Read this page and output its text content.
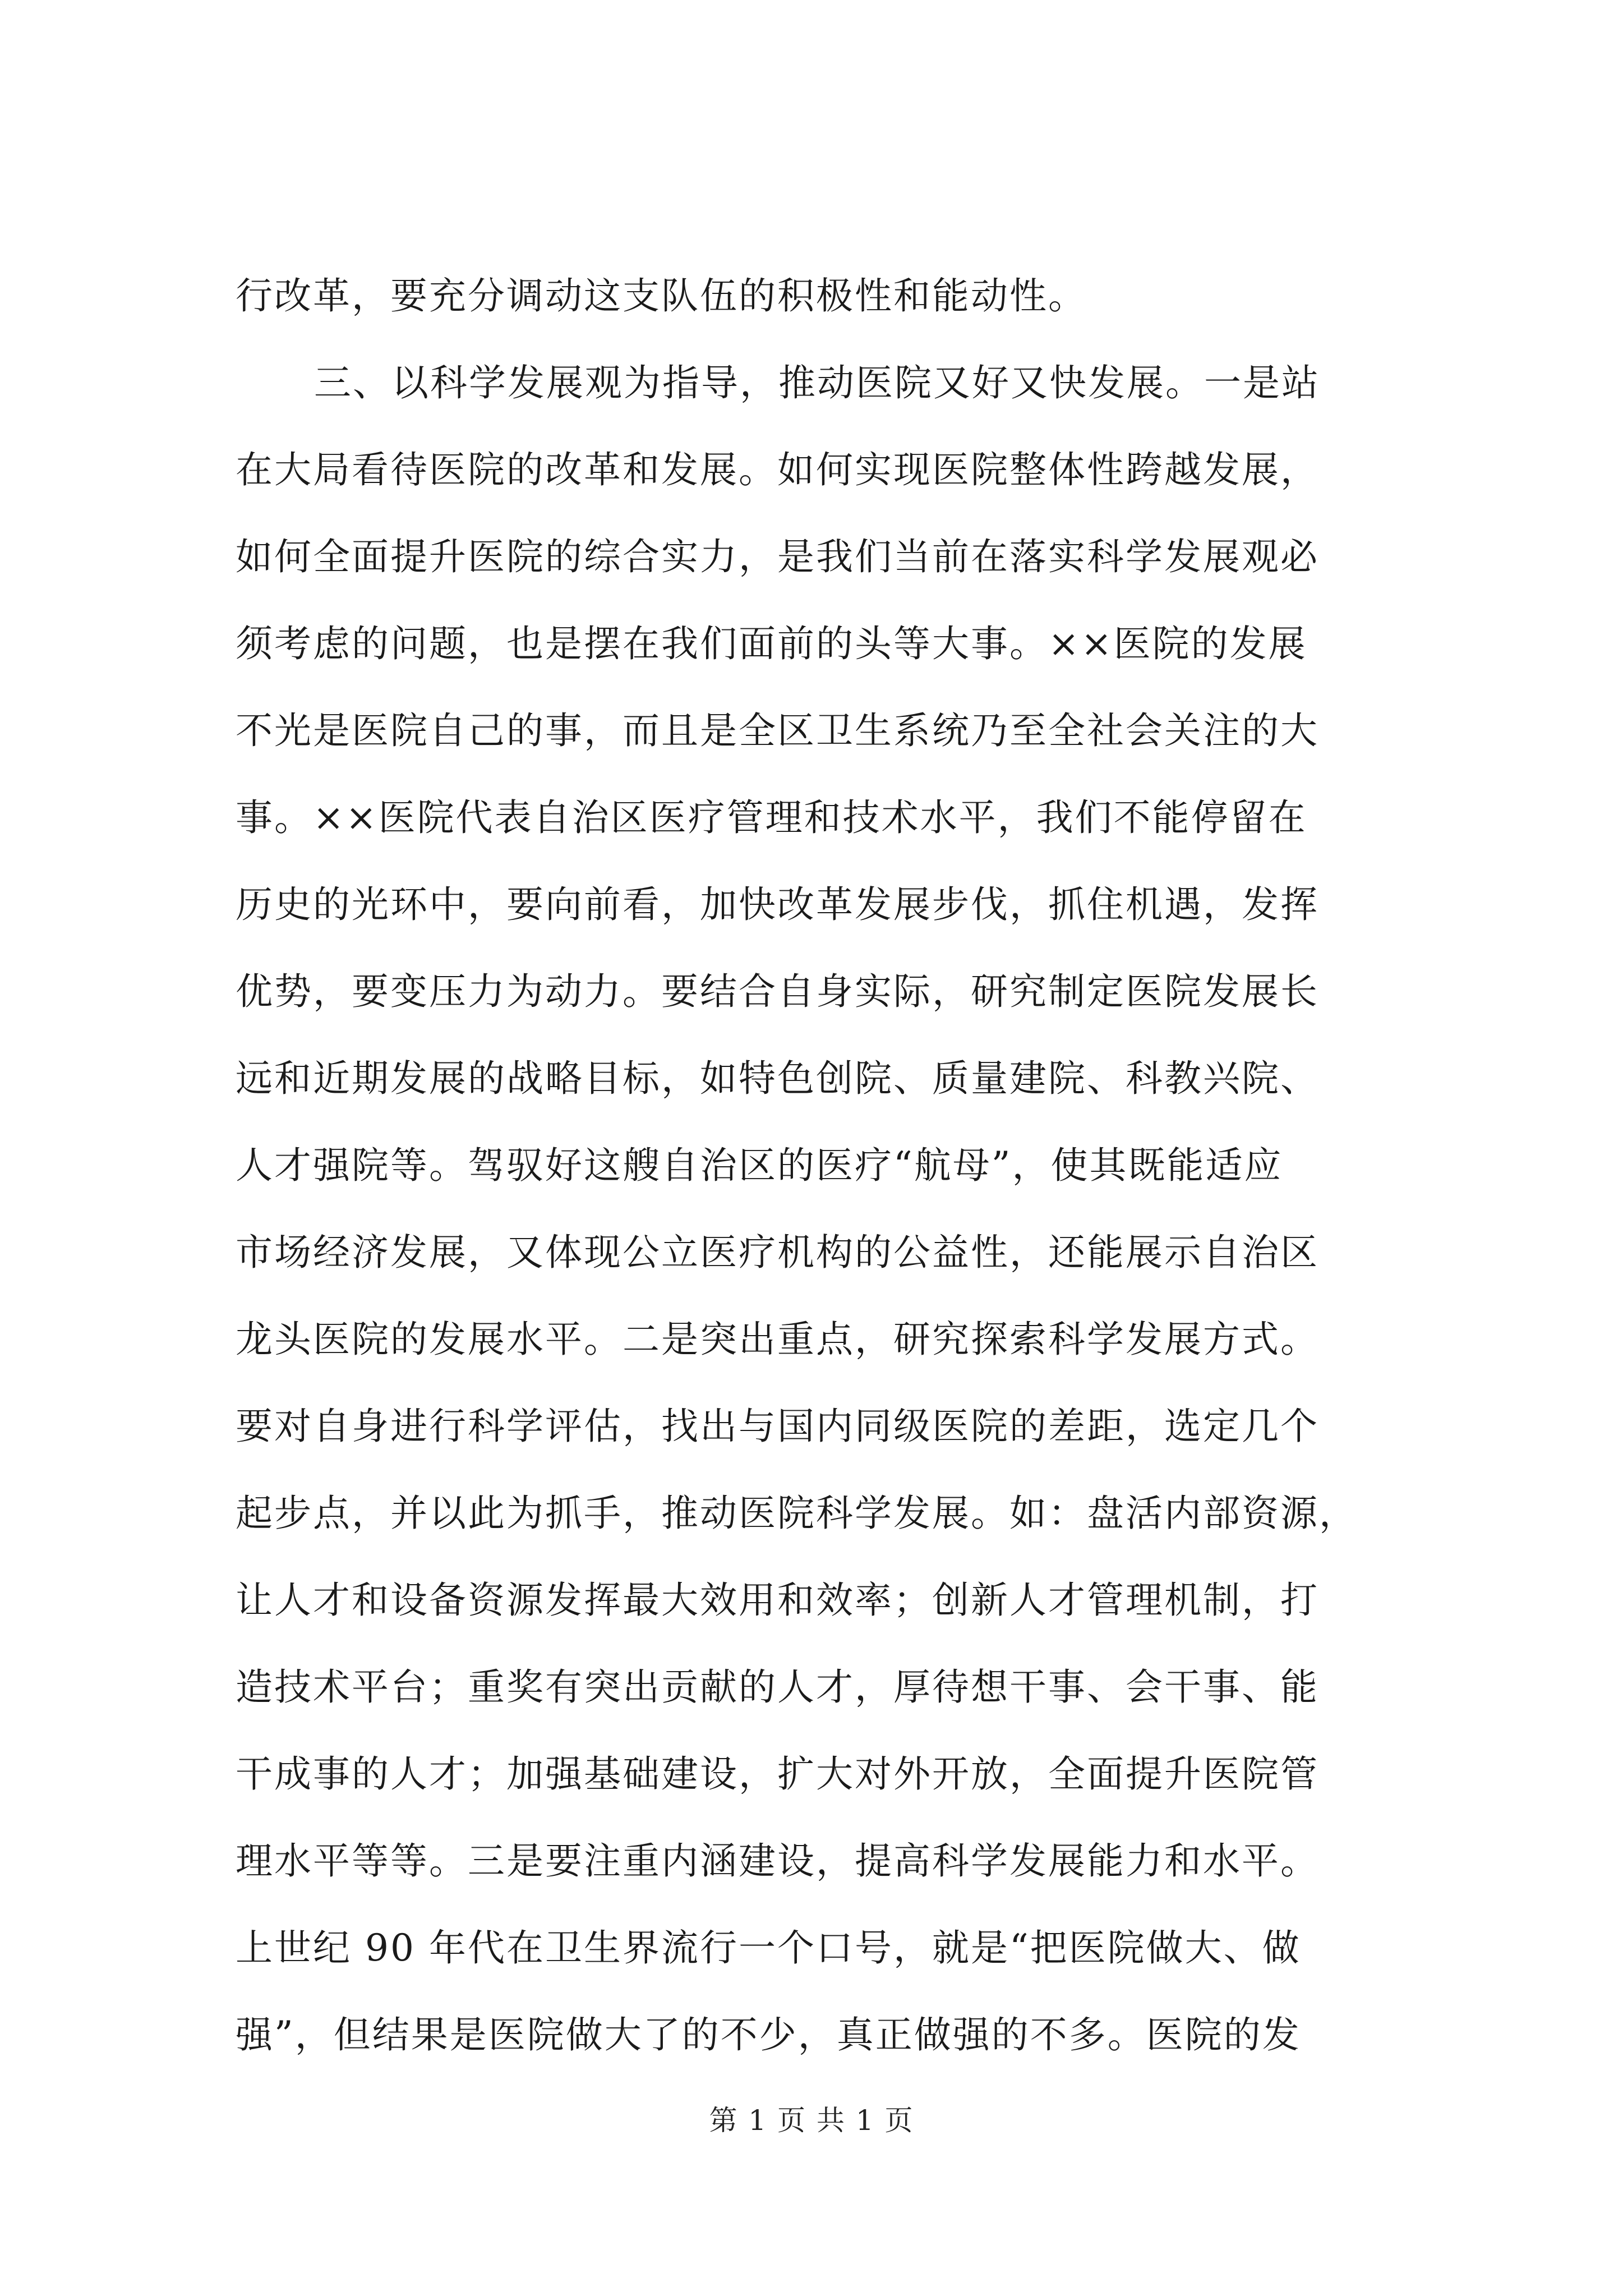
行改革，要充分调动这支队伍的积极性和能动性。
三、以科学发展观为指导，推动医院又好又快发展。一是站
在大局看待医院的改革和发展。如何实现医院整体性跨越发展，
如何全面提升医院的综合实力，是我们当前在落实科学发展观必
须考虑的问题，也是摆在我们面前的头等大事。××医院的发展
不光是医院自己的事，而且是全区卫生系统乃至全社会关注的大
事。××医院代表自治区医疗管理和技术水平，我们不能停留在
历史的光环中，要向前看，加快改革发展步伐，抓住机遇，发挥
优势，要变压力为动力。要结合自身实际，研究制定医院发展长
远和近期发展的战略目标，如特色创院、质量建院、科教兴院、
人才强院等。驾驭好这艘自治区的医疗“航母”，使其既能适应
市场经济发展，又体现公立医疗机构的公益性，还能展示自治区
龙头医院的发展水平。二是突出重点，研究探索科学发展方式。
要对自身进行科学评估，找出与国内同级医院的差距，选定几个
起步点，并以此为抓手，推动医院科学发展。如：盘活内部资源，
让人才和设备资源发挥最大效用和效率；创新人才管理机制，打
造技术平台；重奖有突出贡献的人才，厚待想干事、会干事、能
干成事的人才；加强基础建设，扩大对外开放，全面提升医院管
理水平等等。三是要注重内涵建设，提高科学发展能力和水平。
上世纪 90 年代在卫生界流行一个口号，就是“把医院做大、做
强”，但结果是医院做大了的不少，真正做强的不多。医院的发
第 1 页 共 1 页
